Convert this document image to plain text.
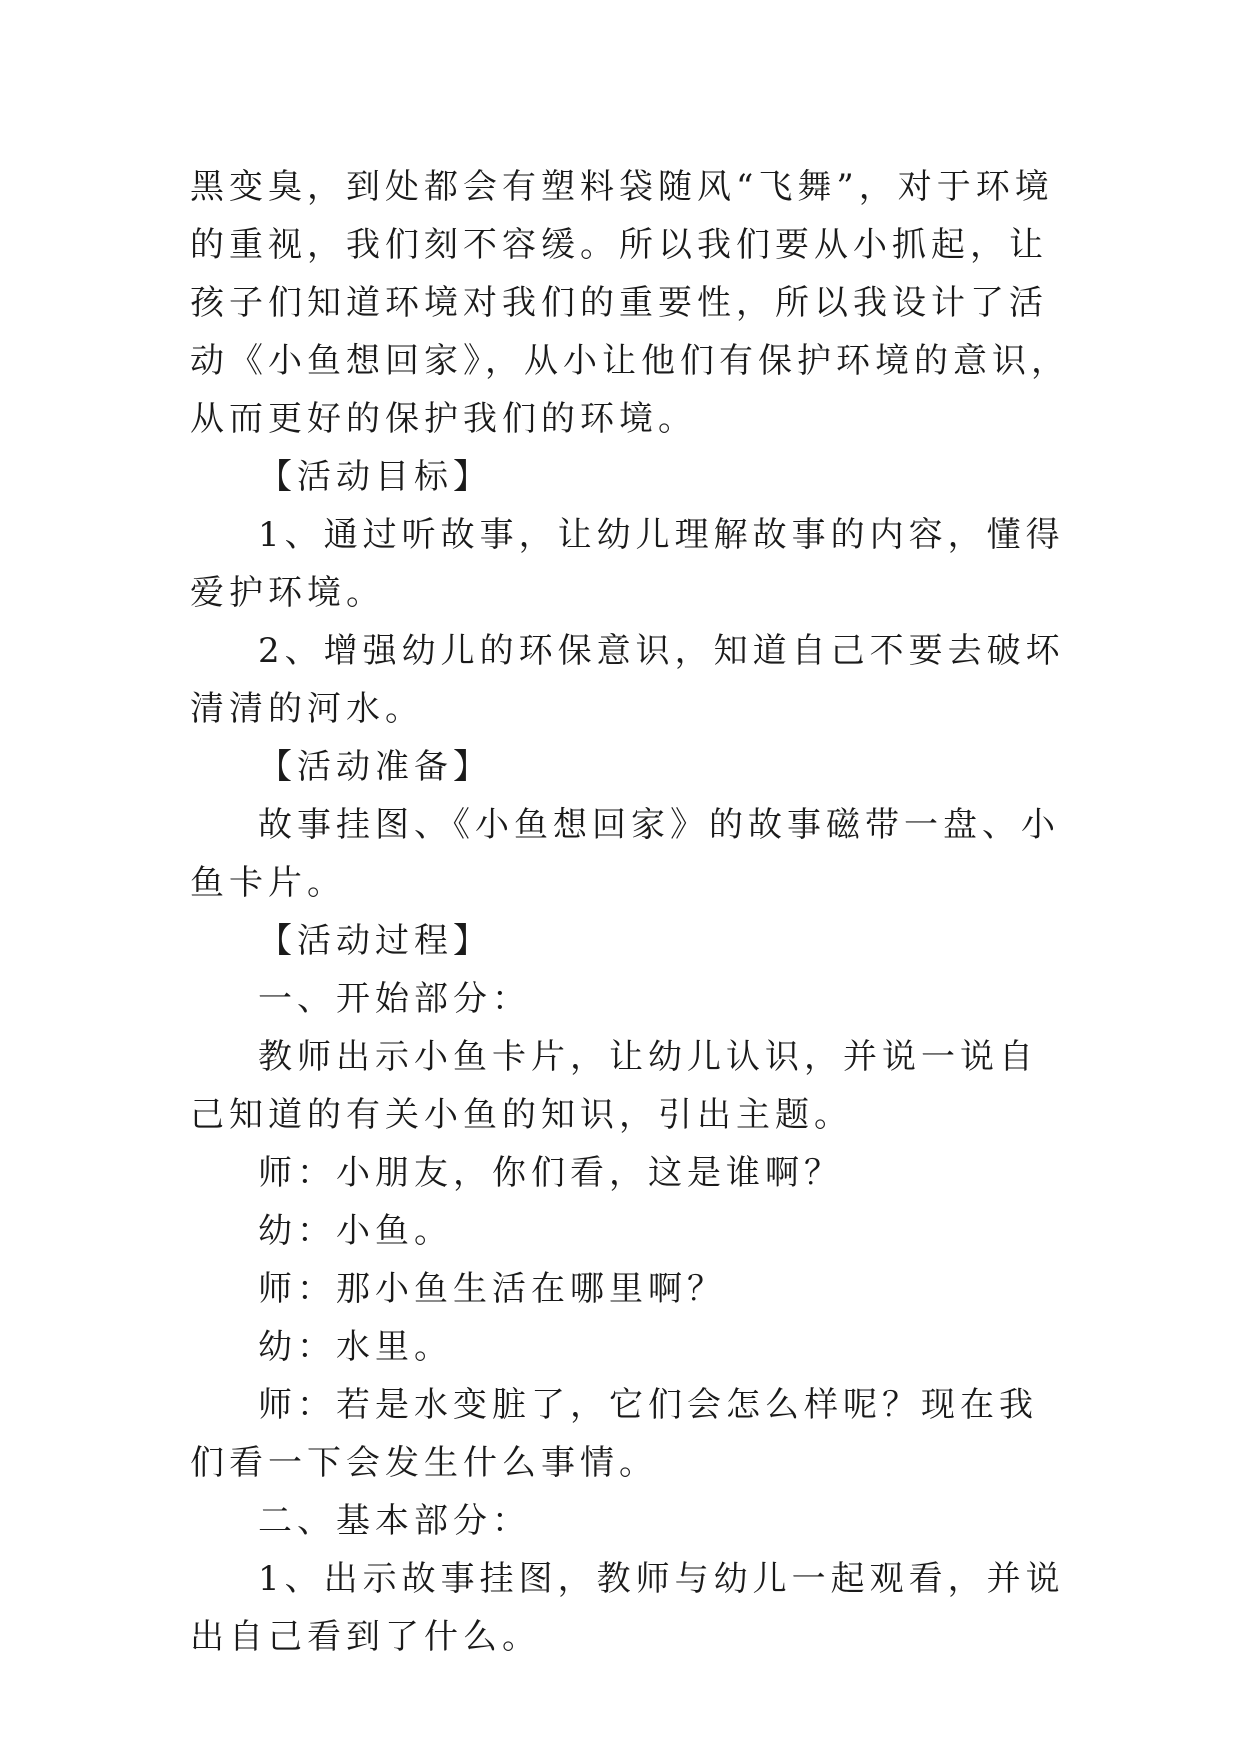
黑变臭，到处都会有塑料袋随风“飞舞”，对于环境的重视，我们刻不容缓。所以我们要从小抓起，让孩子们知道环境对我们的重要性，所以我设计了活动《小鱼想回家》，从小让他们有保护环境的意识，从而更好的保护我们的环境。

【活动目标】

1、通过听故事，让幼儿理解故事的内容，懂得爱护环境。

2、增强幼儿的环保意识，知道自己不要去破坏清清的河水。

【活动准备】

故事挂图、《小鱼想回家》的故事磁带一盘、小鱼卡片。

【活动过程】

一、开始部分：

教师出示小鱼卡片，让幼儿认识，并说一说自己知道的有关小鱼的知识，引出主题。

师：小朋友，你们看，这是谁啊？

幼：小鱼。

师：那小鱼生活在哪里啊？

幼：水里。

师：若是水变脏了，它们会怎么样呢？现在我们看一下会发生什么事情。

二、基本部分：

1、出示故事挂图，教师与幼儿一起观看，并说出自己看到了什么。
